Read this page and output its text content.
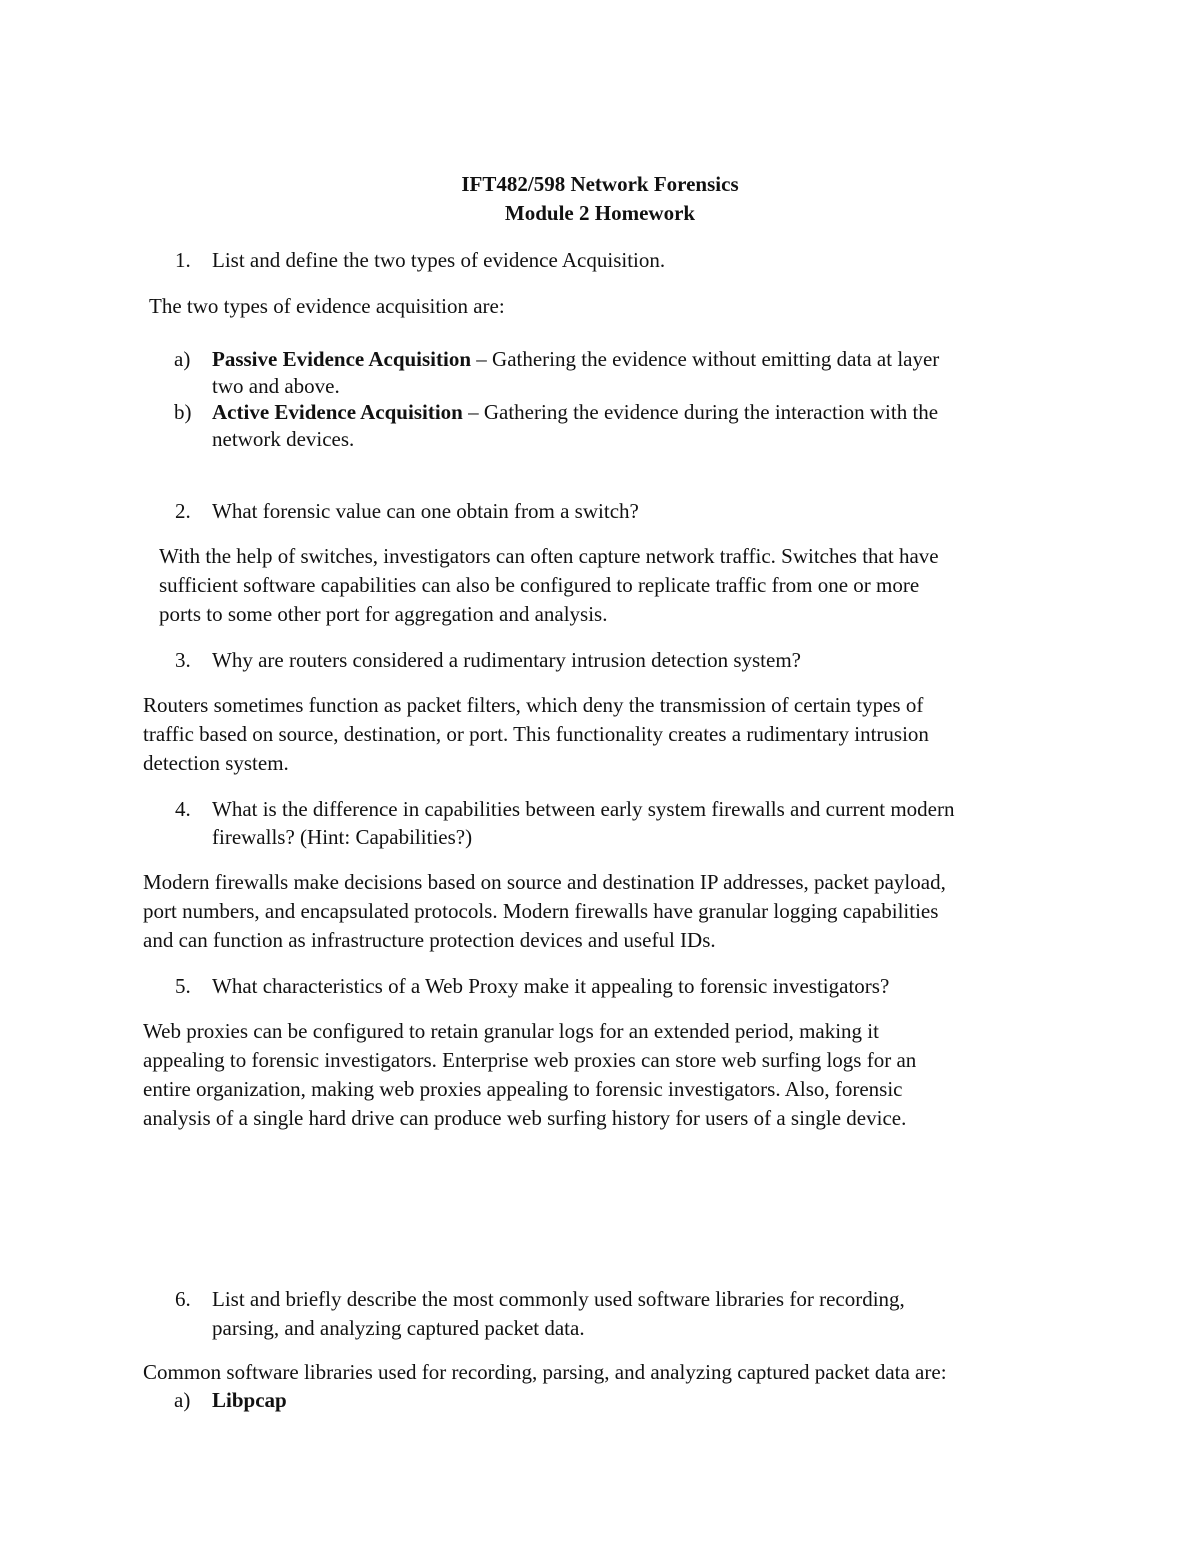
IFT482/598 Network Forensics
Module 2 Homework
1. List and define the two types of evidence Acquisition.
The two types of evidence acquisition are:
a) Passive Evidence Acquisition – Gathering the evidence without emitting data at layer
two and above.
b) Active Evidence Acquisition – Gathering the evidence during the interaction with the
network devices.
2. What forensic value can one obtain from a switch?
With the help of switches, investigators can often capture network traffic. Switches that have
sufficient software capabilities can also be configured to replicate traffic from one or more
ports to some other port for aggregation and analysis.
3. Why are routers considered a rudimentary intrusion detection system?
Routers sometimes function as packet filters, which deny the transmission of certain types of
traffic based on source, destination, or port. This functionality creates a rudimentary intrusion
detection system.
4. What is the difference in capabilities between early system firewalls and current modern
firewalls? (Hint: Capabilities?)
Modern firewalls make decisions based on source and destination IP addresses, packet payload,
port numbers, and encapsulated protocols. Modern firewalls have granular logging capabilities
and can function as infrastructure protection devices and useful IDs.
5. What characteristics of a Web Proxy make it appealing to forensic investigators?
Web proxies can be configured to retain granular logs for an extended period, making it
appealing to forensic investigators. Enterprise web proxies can store web surfing logs for an
entire organization, making web proxies appealing to forensic investigators. Also, forensic
analysis of a single hard drive can produce web surfing history for users of a single device.
6. List and briefly describe the most commonly used software libraries for recording,
parsing, and analyzing captured packet data.
Common software libraries used for recording, parsing, and analyzing captured packet data are:
a) Libpcap
